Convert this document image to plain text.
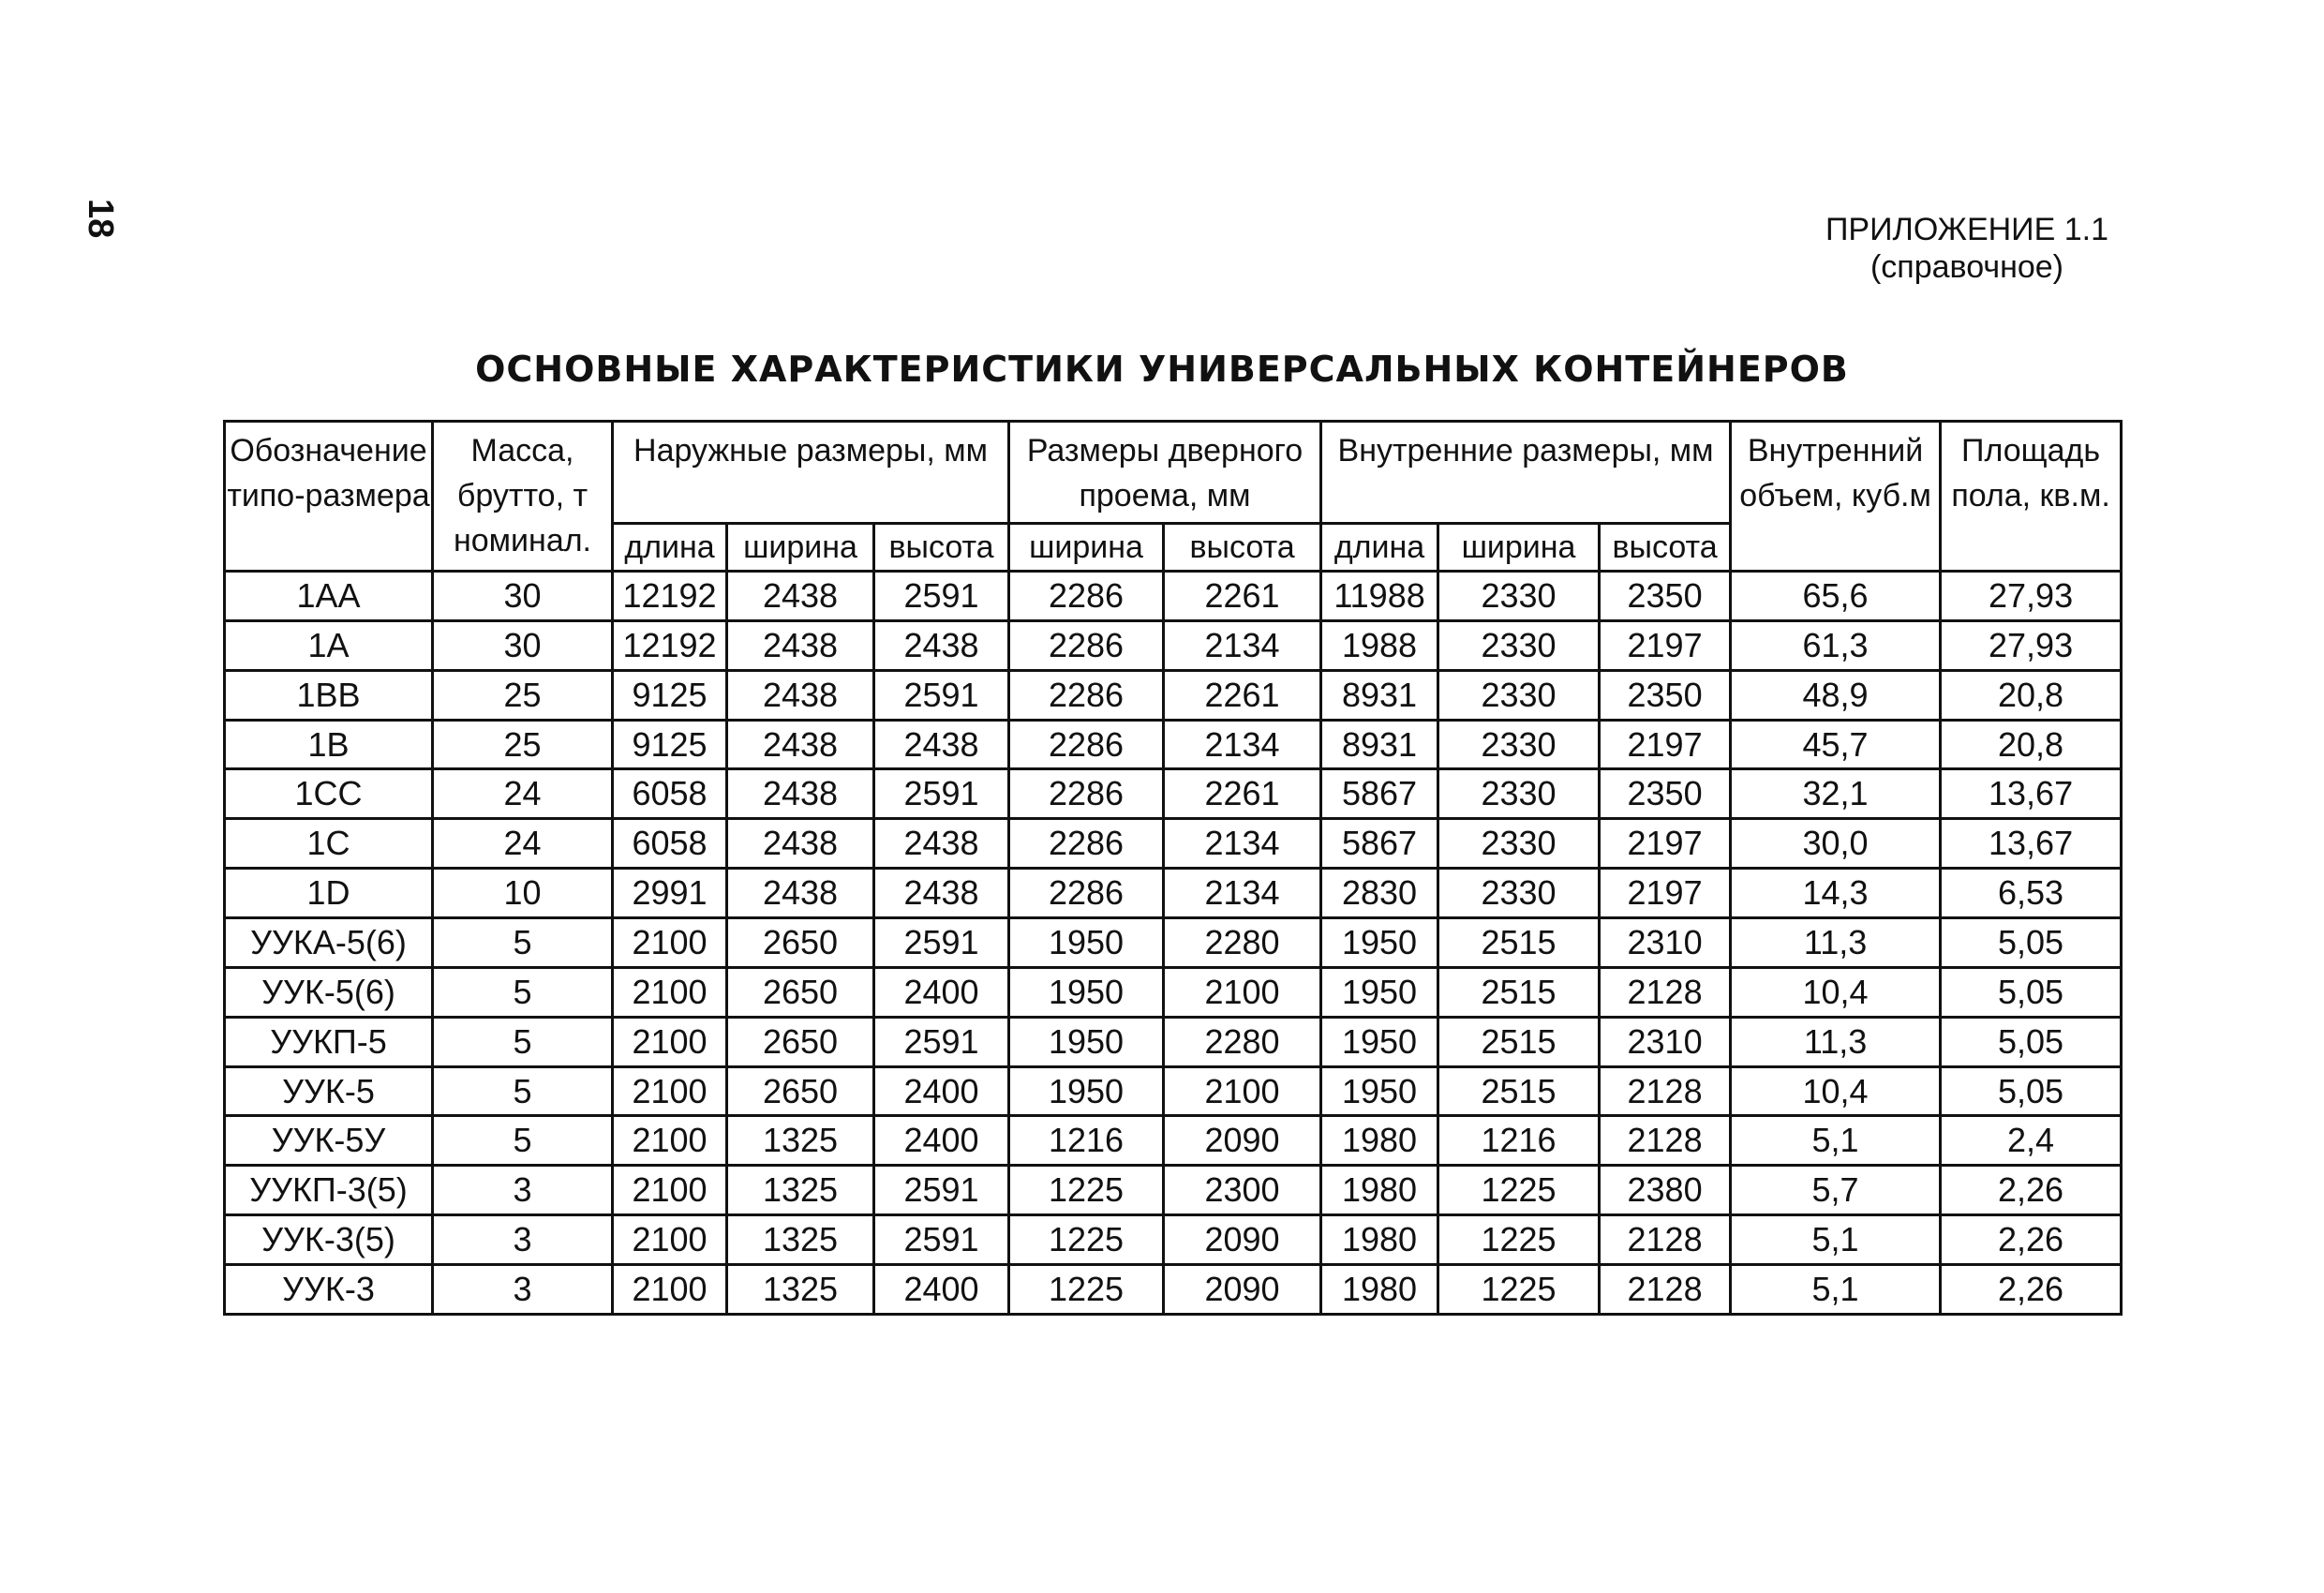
18	ПРИЛОЖЕНИЕ 1.1
(справочное)
ОСНОВНЫЕ ХАРАКТЕРИСТИКИ УНИВЕРСАЛЬНЫХ КОНТЕЙНЕРОВ
Обозначение типо-размера	Масса, брутто, т номинал.	Наружные размеры, мм			Размеры дверного проема, мм		Внутренние размеры, мм			Внутренний объем, куб.м	Площадь пола, кв.м.
		длина	ширина	высота	ширина	высота	длина	ширина	высота		
1АА	30	12192	2438	2591	2286	2261	11988	2330	2350	65,6	27,93
1А	30	12192	2438	2438	2286	2134	1988	2330	2197	61,3	27,93
1ВВ	25	9125	2438	2591	2286	2261	8931	2330	2350	48,9	20,8
1В	25	9125	2438	2438	2286	2134	8931	2330	2197	45,7	20,8
1СС	24	6058	2438	2591	2286	2261	5867	2330	2350	32,1	13,67
1С	24	6058	2438	2438	2286	2134	5867	2330	2197	30,0	13,67
1D	10	2991	2438	2438	2286	2134	2830	2330	2197	14,3	6,53
УУКА-5(6)	5	2100	2650	2591	1950	2280	1950	2515	2310	11,3	5,05
УУК-5(6)	5	2100	2650	2400	1950	2100	1950	2515	2128	10,4	5,05
УУКП-5	5	2100	2650	2591	1950	2280	1950	2515	2310	11,3	5,05
УУК-5	5	2100	2650	2400	1950	2100	1950	2515	2128	10,4	5,05
УУК-5У	5	2100	1325	2400	1216	2090	1980	1216	2128	5,1	2,4
УУКП-3(5)	3	2100	1325	2591	1225	2300	1980	1225	2380	5,7	2,26
УУК-3(5)	3	2100	1325	2591	1225	2090	1980	1225	2128	5,1	2,26
УУК-3	3	2100	1325	2400	1225	2090	1980	1225	2128	5,1	2,26
